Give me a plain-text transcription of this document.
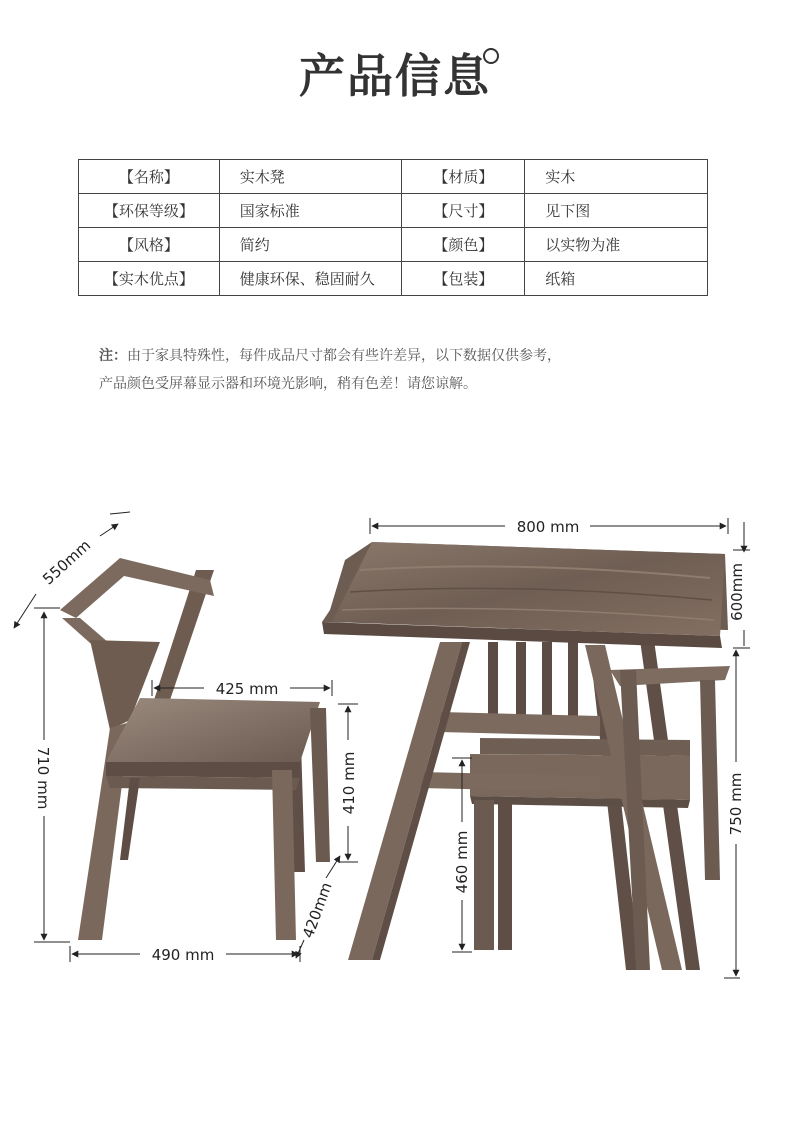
产品信息
【名称】	实木凳	【材质】	实木
【环保等级】	国家标准	【尺寸】	见下图
【风格】	简约	【颜色】	以实物为准
【实木优点】	健康环保、稳固耐久	【包装】	纸箱
注：由于家具特殊性，每件成品尺寸都会有些许差异，以下数据仅供参考，
产品颜色受屏幕显示器和环境光影响，稍有色差！请您谅解。
800 mm
600mm
750 mm
460 mm
550mm
710 mm
425 mm
410 mm
420mm
490 mm
